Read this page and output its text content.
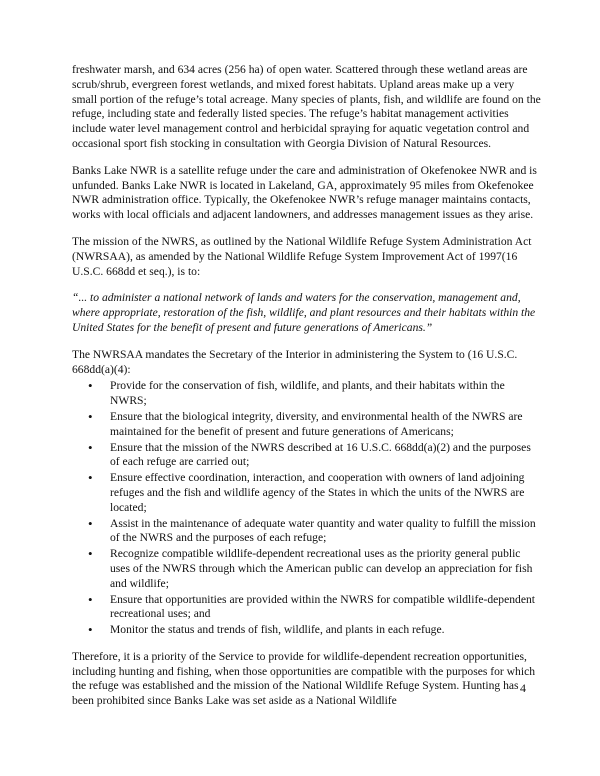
freshwater marsh, and 634 acres (256 ha) of open water. Scattered through these wetland areas are scrub/shrub, evergreen forest wetlands, and mixed forest habitats. Upland areas make up a very small portion of the refuge’s total acreage. Many species of plants, fish, and wildlife are found on the refuge, including state and federally listed species. The refuge’s habitat management activities include water level management control and herbicidal spraying for aquatic vegetation control and occasional sport fish stocking in consultation with Georgia Division of Natural Resources.

Banks Lake NWR is a satellite refuge under the care and administration of Okefenokee NWR and is unfunded. Banks Lake NWR is located in Lakeland, GA, approximately 95 miles from Okefenokee NWR administration office. Typically, the Okefenokee NWR’s refuge manager maintains contacts, works with local officials and adjacent landowners, and addresses management issues as they arise.

The mission of the NWRS, as outlined by the National Wildlife Refuge System Administration Act (NWRSAA), as amended by the National Wildlife Refuge System Improvement Act of 1997(16 U.S.C. 668dd et seq.), is to:

“... to administer a national network of lands and waters for the conservation, management and, where appropriate, restoration of the fish, wildlife, and plant resources and their habitats within the United States for the benefit of present and future generations of Americans.”

The NWRSAA mandates the Secretary of the Interior in administering the System to (16 U.S.C. 668dd(a)(4):

• Provide for the conservation of fish, wildlife, and plants, and their habitats within the NWRS;
• Ensure that the biological integrity, diversity, and environmental health of the NWRS are maintained for the benefit of present and future generations of Americans;
• Ensure that the mission of the NWRS described at 16 U.S.C. 668dd(a)(2) and the purposes of each refuge are carried out;
• Ensure effective coordination, interaction, and cooperation with owners of land adjoining refuges and the fish and wildlife agency of the States in which the units of the NWRS are located;
• Assist in the maintenance of adequate water quantity and water quality to fulfill the mission of the NWRS and the purposes of each refuge;
• Recognize compatible wildlife-dependent recreational uses as the priority general public uses of the NWRS through which the American public can develop an appreciation for fish and wildlife;
• Ensure that opportunities are provided within the NWRS for compatible wildlife-dependent recreational uses; and
• Monitor the status and trends of fish, wildlife, and plants in each refuge.

Therefore, it is a priority of the Service to provide for wildlife-dependent recreation opportunities, including hunting and fishing, when those opportunities are compatible with the purposes for which the refuge was established and the mission of the National Wildlife Refuge System. Hunting has been prohibited since Banks Lake was set aside as a National Wildlife

4
